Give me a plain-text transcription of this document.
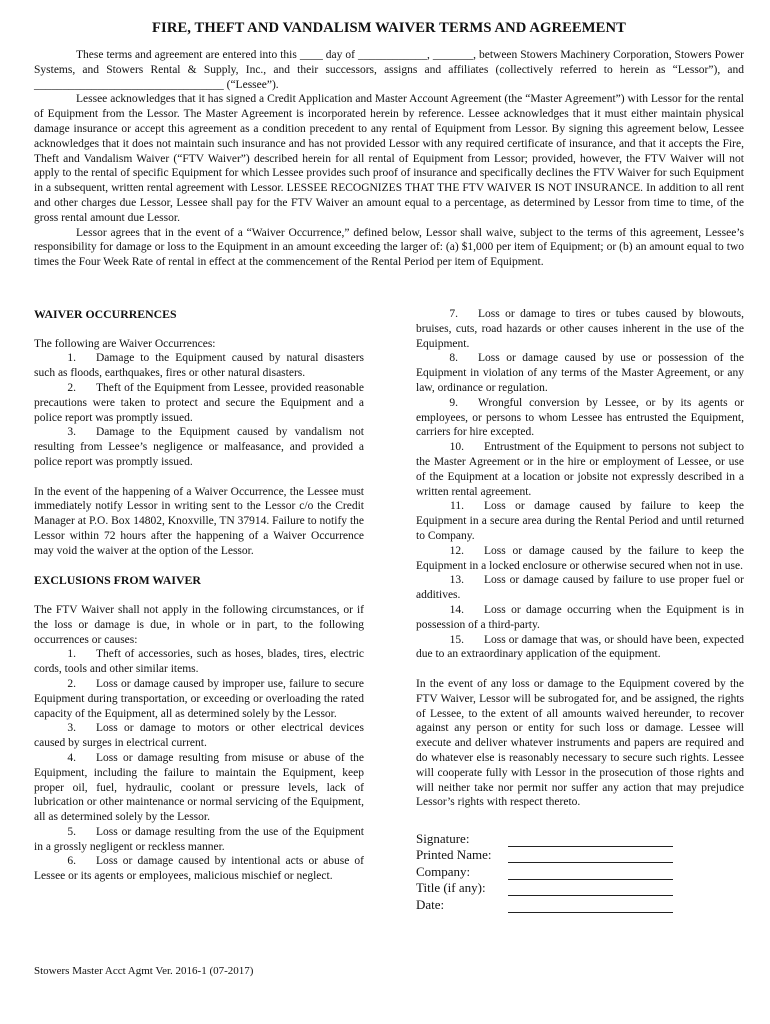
FIRE, THEFT AND VANDALISM WAIVER TERMS AND AGREEMENT

These terms and agreement are entered into this ____ day of ____________, _______, between Stowers Machinery Corporation, Stowers Power Systems, and Stowers Rental & Supply, Inc., and their successors, assigns and affiliates (collectively referred to herein as “Lessor”), and _________________________________ (“Lessee”).

Lessee acknowledges that it has signed a Credit Application and Master Account Agreement (the “Master Agreement”) with Lessor for the rental of Equipment from the Lessor. The Master Agreement is incorporated herein by reference. Lessee acknowledges that it must either maintain physical damage insurance or accept this agreement as a condition precedent to any rental of Equipment from Lessor. By signing this agreement below, Lessee acknowledges that it does not maintain such insurance and has not provided Lessor with any required certificate of insurance, and that it accepts the Fire, Theft and Vandalism Waiver (“FTV Waiver”) described herein for all rental of Equipment from Lessor; provided, however, the FTV Waiver will not apply to the rental of specific Equipment for which Lessee provides such proof of insurance and specifically declines the FTV Waiver for such Equipment in a subsequent, written rental agreement with Lessor. LESSEE RECOGNIZES THAT THE FTV WAIVER IS NOT INSURANCE. In addition to all rent and other charges due Lessor, Lessee shall pay for the FTV Waiver an amount equal to a percentage, as determined by Lessor from time to time, of the gross rental amount due Lessor.

Lessor agrees that in the event of a “Waiver Occurrence,” defined below, Lessor shall waive, subject to the terms of this agreement, Lessee’s responsibility for damage or loss to the Equipment in an amount exceeding the larger of: (a) $1,000 per item of Equipment; or (b) an amount equal to two times the Four Week Rate of rental in effect at the commencement of the Rental Period per item of Equipment.

WAIVER OCCURRENCES

The following are Waiver Occurrences:

1. Damage to the Equipment caused by natural disasters such as floods, earthquakes, fires or other natural disasters.

2. Theft of the Equipment from Lessee, provided reasonable precautions were taken to protect and secure the Equipment and a police report was promptly issued.

3. Damage to the Equipment caused by vandalism not resulting from Lessee’s negligence or malfeasance, and provided a police report was promptly issued.

In the event of the happening of a Waiver Occurrence, the Lessee must immediately notify Lessor in writing sent to the Lessor c/o the Credit Manager at P.O. Box 14802, Knoxville, TN 37914. Failure to notify the Lessor within 72 hours after the happening of a Waiver Occurrence may void the waiver at the option of the Lessor.

EXCLUSIONS FROM WAIVER

The FTV Waiver shall not apply in the following circumstances, or if the loss or damage is due, in whole or in part, to the following occurrences or causes:

1. Theft of accessories, such as hoses, blades, tires, electric cords, tools and other similar items.

2. Loss or damage caused by improper use, failure to secure Equipment during transportation, or exceeding or overloading the rated capacity of the Equipment, all as determined solely by the Lessor.

3. Loss or damage to motors or other electrical devices caused by surges in electrical current.

4. Loss or damage resulting from misuse or abuse of the Equipment, including the failure to maintain the Equipment, keep proper oil, fuel, hydraulic, coolant or pressure levels, lack of lubrication or other maintenance or normal servicing of the Equipment, all as determined solely by the Lessor.

5. Loss or damage resulting from the use of the Equipment in a grossly negligent or reckless manner.

6. Loss or damage caused by intentional acts or abuse of Lessee or its agents or employees, malicious mischief or neglect.

7. Loss or damage to tires or tubes caused by blowouts, bruises, cuts, road hazards or other causes inherent in the use of the Equipment.

8. Loss or damage caused by use or possession of the Equipment in violation of any terms of the Master Agreement, or any law, ordinance or regulation.

9. Wrongful conversion by Lessee, or by its agents or employees, or persons to whom Lessee has entrusted the Equipment, carriers for hire excepted.

10. Entrustment of the Equipment to persons not subject to the Master Agreement or in the hire or employment of Lessee, or use of the Equipment at a location or jobsite not expressly described in a written rental agreement.

11. Loss or damage caused by failure to keep the Equipment in a secure area during the Rental Period and until returned to Company.

12. Loss or damage caused by the failure to keep the Equipment in a locked enclosure or otherwise secured when not in use.

13. Loss or damage caused by failure to use proper fuel or additives.

14. Loss or damage occurring when the Equipment is in possession of a third-party.

15. Loss or damage that was, or should have been, expected due to an extraordinary application of the equipment.

In the event of any loss or damage to the Equipment covered by the FTV Waiver, Lessor will be subrogated for, and be assigned, the rights of Lessee, to the extent of all amounts waived hereunder, to recover against any person or entity for such loss or damage. Lessee will execute and deliver whatever instruments and papers are required and do whatever else is reasonably necessary to secure such rights. Lessee will cooperate fully with Lessor in the prosecution of those rights and will neither take nor permit nor suffer any action that may prejudice Lessor’s rights with respect thereto.

Signature:
Printed Name:
Company:
Title (if any):
Date:
Stowers Master Acct Agmt Ver. 2016-1 (07-2017)
